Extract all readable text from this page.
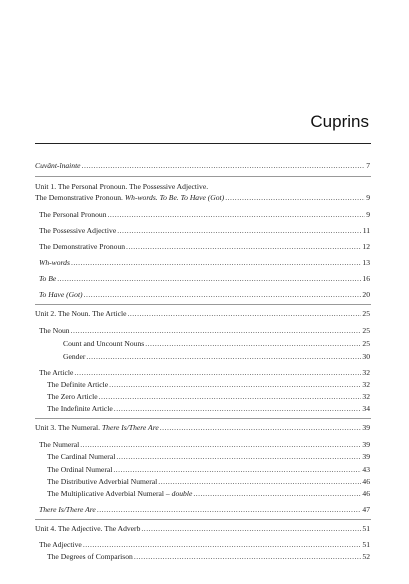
Cuprins
Cuvânt-înainte .....	7
Unit 1. The Personal Pronoun. The Possessive Adjective.
The Demonstrative Pronoun. Wh-words. To Be. To Have (Got) .....	9
The Personal Pronoun .....	9
The Possessive Adjective .....	11
The Demonstrative Pronoun .....	12
Wh-words .....	13
To Be .....	16
To Have (Got) .....	20
Unit 2. The Noun. The Article .....	25
The Noun .....	25
Count and Uncount Nouns .....	25
Gender .....	30
The Article .....	32
The Definite Article .....	32
The Zero Article .....	32
The Indefinite Article .....	34
Unit 3. The Numeral. There Is/There Are .....	39
The Numeral .....	39
The Cardinal Numeral .....	39
The Ordinal Numeral .....	43
The Distributive Adverbial Numeral .....	46
The Multiplicative Adverbial Numeral – double .....	46
There Is/There Are .....	47
Unit 4. The Adjective. The Adverb .....	51
The Adjective .....	51
The Degrees of Comparison .....	52
